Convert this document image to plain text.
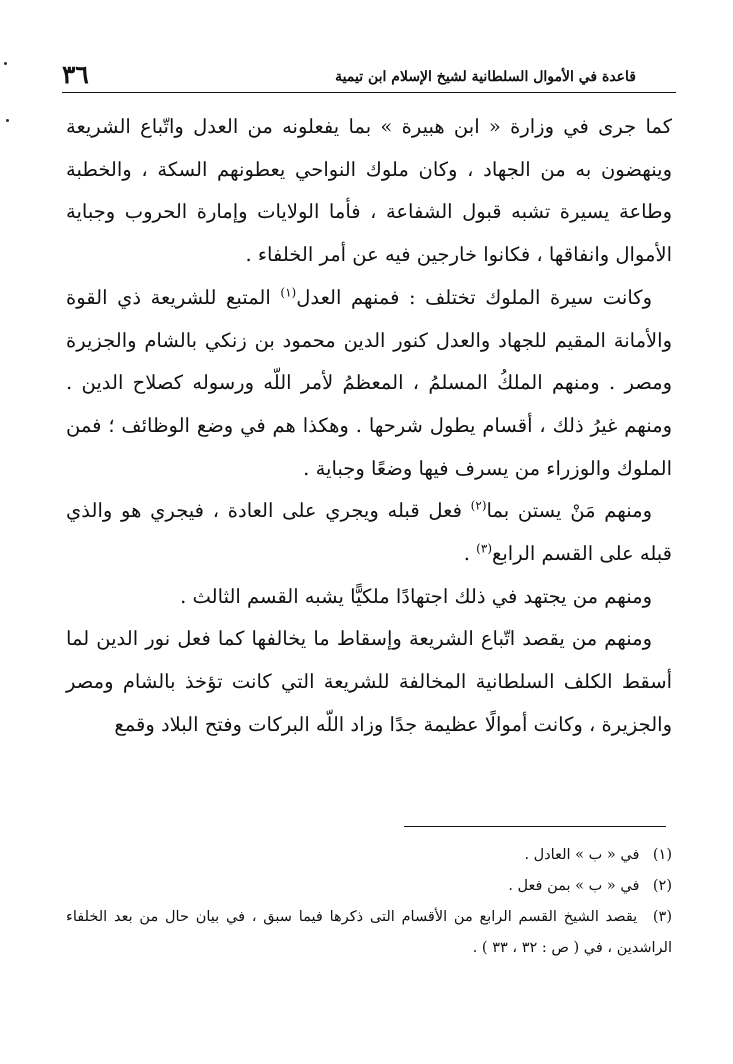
٣٦	قاعدة في الأموال السلطانية لشيخ الإسلام ابن تيمية

كما جرى في وزارة « ابن هبيرة » بما يفعلونه من العدل واتّباع الشريعة وينهضون به من الجهاد ، وكان ملوك النواحي يعطونهم السكة ، والخطبة وطاعة يسيرة تشبه قبول الشفاعة ، فأما الولايات وإمارة الحروب وجباية الأموال وانفاقها ، فكانوا خارجين فيه عن أمر الخلفاء .

وكانت سيرة الملوك تختلف : فمنهم العدل$^{(١)}$ المتبع للشريعة ذي القوة والأمانة المقيم للجهاد والعدل كنور الدين محمود بن زنكي بالشام والجزيرة ومصر . ومنهم الملكُ المسلمُ ، المعظمُ لأمر اللّه ورسوله كصلاح الدين . ومنهم غيرُ ذلك ، أقسام يطول شرحها . وهكذا هم في وضع الوظائف ؛ فمن الملوك والوزراء من يسرف فيها وضعًا وجباية .

ومنهم مَنْ يستن بما$^{(٢)}$ فعل قبله ويجري على العادة ، فيجري هو والذي قبله على القسم الرابع$^{(٣)}$ .

ومنهم من يجتهد في ذلك اجتهادًا ملكيًّا يشبه القسم الثالث .

ومنهم من يقصد اتّباع الشريعة وإسقاط ما يخالفها كما فعل نور الدين لما أسقط الكلف السلطانية المخالفة للشريعة التي كانت تؤخذ بالشام ومصر والجزيرة ، وكانت أموالًا عظيمة جدًا وزاد اللّه البركات وفتح البلاد وقمع

(١) في « ب » العادل .

(٢) في « ب » بمن فعل .

(٣) يقصد الشيخ القسم الرابع من الأقسام التى ذكرها فيما سبق ، في بيان حال من بعد الخلفاء الراشدين ، في ( ص : ٣٢ ، ٣٣ ) .
